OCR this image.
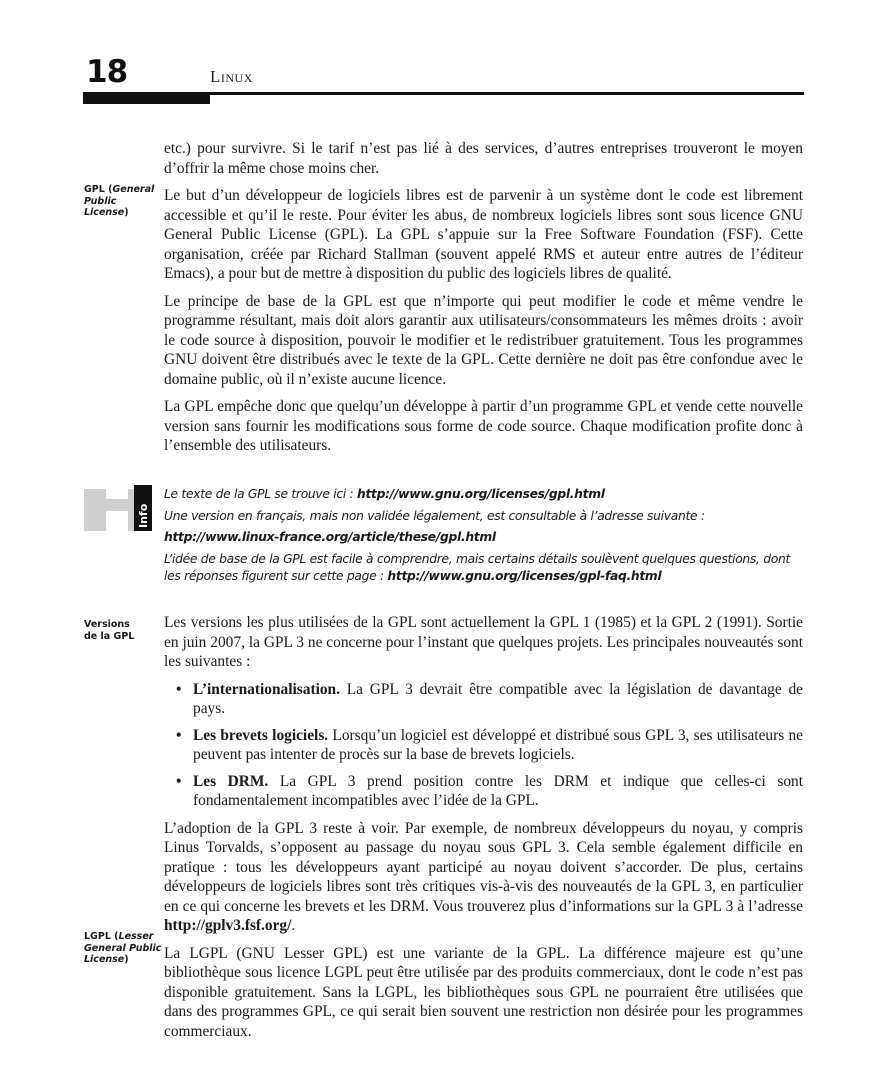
18	Linux
GPL (General Public License)

etc.) pour survivre. Si le tarif n’est pas lié à des services, d’autres entreprises trouveront le moyen d’offrir la même chose moins cher.

Le but d’un développeur de logiciels libres est de parvenir à un système dont le code est librement accessible et qu’il le reste. Pour éviter les abus, de nombreux logiciels libres sont sous licence GNU General Public License (GPL). La GPL s’appuie sur la Free Software Foundation (FSF). Cette organisation, créée par Richard Stallman (souvent appelé RMS et auteur entre autres de l’éditeur Emacs), a pour but de mettre à disposition du public des logiciels libres de qualité.

Le principe de base de la GPL est que n’importe qui peut modifier le code et même vendre le programme résultant, mais doit alors garantir aux utilisateurs/consommateurs les mêmes droits : avoir le code source à disposition, pouvoir le modifier et le redistribuer gratuitement. Tous les programmes GNU doivent être distribués avec le texte de la GPL. Cette dernière ne doit pas être confondue avec le domaine public, où il n’existe aucune licence.

La GPL empêche donc que quelqu’un développe à partir d’un programme GPL et vende cette nouvelle version sans fournir les modifications sous forme de code source. Chaque modification profite donc à l’ensemble des utilisateurs.

Info
Le texte de la GPL se trouve ici : http://www.gnu.org/licenses/gpl.html
Une version en français, mais non validée légalement, est consultable à l’adresse suivante :
http://www.linux-france.org/article/these/gpl.html
L’idée de base de la GPL est facile à comprendre, mais certains détails soulèvent quelques questions, dont les réponses figurent sur cette page : http://www.gnu.org/licenses/gpl-faq.html
Versions
de la GPL
LGPL (Lesser General Public License)

Les versions les plus utilisées de la GPL sont actuellement la GPL 1 (1985) et la GPL 2 (1991). Sortie en juin 2007, la GPL 3 ne concerne pour l’instant que quelques projets. Les principales nouveautés sont les suivantes :

• L’internationalisation. La GPL 3 devrait être compatible avec la législation de davantage de pays.
• Les brevets logiciels. Lorsqu’un logiciel est développé et distribué sous GPL 3, ses utilisateurs ne peuvent pas intenter de procès sur la base de brevets logiciels.
• Les DRM. La GPL 3 prend position contre les DRM et indique que celles-ci sont fondamentalement incompatibles avec l’idée de la GPL.

L’adoption de la GPL 3 reste à voir. Par exemple, de nombreux développeurs du noyau, y compris Linus Torvalds, s’opposent au passage du noyau sous GPL 3. Cela semble également difficile en pratique : tous les développeurs ayant participé au noyau doivent s’accorder. De plus, certains développeurs de logiciels libres sont très critiques vis-à-vis des nouveautés de la GPL 3, en particulier en ce qui concerne les brevets et les DRM. Vous trouverez plus d’informations sur la GPL 3 à l’adresse http://gplv3.fsf.org/.

La LGPL (GNU Lesser GPL) est une variante de la GPL. La différence majeure est qu’une bibliothèque sous licence LGPL peut être utilisée par des produits commerciaux, dont le code n’est pas disponible gratuitement. Sans la LGPL, les bibliothèques sous GPL ne pourraient être utilisées que dans des programmes GPL, ce qui serait bien souvent une restriction non désirée pour les programmes commerciaux.
